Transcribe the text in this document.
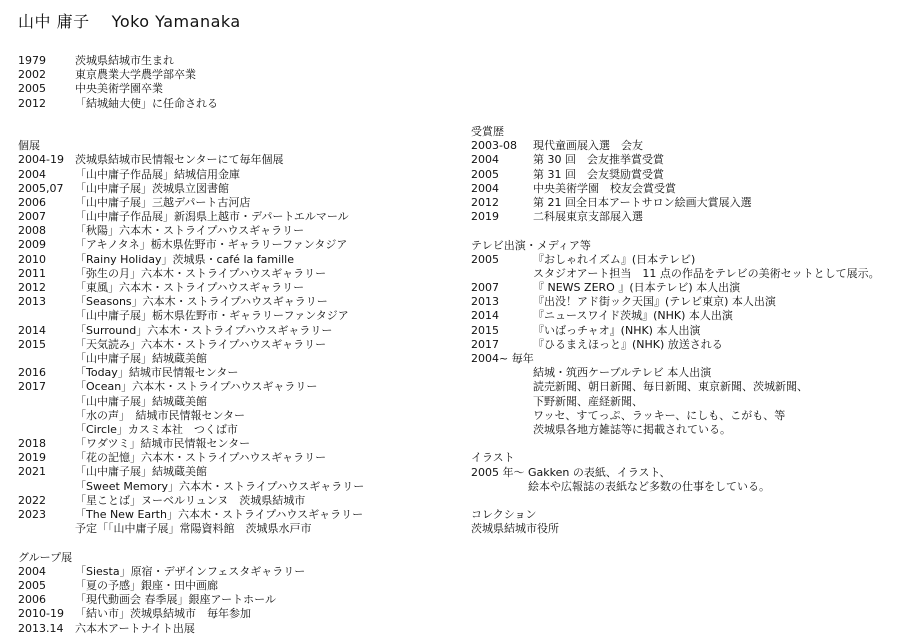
山中 庸子　 Yoko Yamanaka
1979	茨城県結城市生まれ
2002	東京農業大学農学部卒業
2005	中央美術学園卒業
2012	「結城紬大使」に任命される
個展
2004-19	茨城県結城市民情報センターにて毎年個展
2004	「山中庸子作品展」結城信用金庫
2005,07	「山中庸子展」茨城県立図書館
2006	「山中庸子展」三越デパート古河店
2007	「山中庸子作品展」新潟県上越市・デパートエルマール
2008	「秋陽」六本木・ストライプハウスギャラリー
2009	「アキノタネ」栃木県佐野市・ギャラリーファンタジア
2010	「Rainy Holiday」茨城県・café la famille
2011	「弥生の月」六本木・ストライプハウスギャラリー
2012	「東風」六本木・ストライプハウスギャラリー
2013	「Seasons」六本木・ストライプハウスギャラリー
「山中庸子展」栃木県佐野市・ギャラリーファンタジア
2014	「Surround」六本木・ストライプハウスギャラリー
2015	「天気読み」六本木・ストライプハウスギャラリー
「山中庸子展」結城蔵美館
2016	「Today」結城市民情報センター
2017	「Ocean」六本木・ストライプハウスギャラリー
「山中庸子展」結城蔵美館
「水の声」　結城市民情報センター
「Circle」カスミ本社　つくば市
2018	「ワダツミ」結城市民情報センター
2019	「花の記憶」六本木・ストライプハウスギャラリー
2021	「山中庸子展」結城蔵美館
「Sweet Memory」六本木・ストライプハウスギャラリー
2022	「星ことば」ヌーベルリュンヌ　茨城県結城市
2023	「The New Earth」六本木・ストライプハウスギャラリー
予定「「山中庸子展」常陽資料館　茨城県水戸市
グループ展
2004	「Siesta」原宿・デザインフェスタギャラリー
2005	「夏の予感」銀座・田中画廊
2006	「現代動画会 春季展」銀座アートホール
2010-19	「結い市」茨城県結城市　毎年参加
2013.14	六本木アートナイト出展
受賞歴
2003-08	現代童画展入選　会友
2004	第 30 回　会友推挙賞受賞
2005	第 31 回　会友奨励賞受賞
2004	中央美術学園　校友会賞受賞
2012	第 21 回全日本アートサロン絵画大賞展入選
2019	二科展東京支部展入選
テレビ出演・メディア等
2005	『おしゃれイズム』(日本テレビ)
スタジオアート担当　11 点の作品をテレビの美術セットとして展示。
2007	『 NEWS ZERO 』(日本テレビ) 本人出演
2013	『出没！アド街ック天国』(テレビ東京) 本人出演
2014	『ニュースワイド茨城』(NHK) 本人出演
2015	『いばっチャオ』(NHK) 本人出演
2017	『ひるまえほっと』(NHK) 放送される
2004~ 毎年
結城・筑西ケーブルテレビ 本人出演
読売新聞、朝日新聞、毎日新聞、東京新聞、茨城新聞、
下野新聞、産経新聞、
ワッセ、すてっぷ、ラッキー、にしも、こがも、等
茨城県各地方雑誌等に掲載されている。
イラスト
2005 年～ Gakken の表紙、イラスト、
絵本や広報誌の表紙など多数の仕事をしている。
コレクション
茨城県結城市役所
